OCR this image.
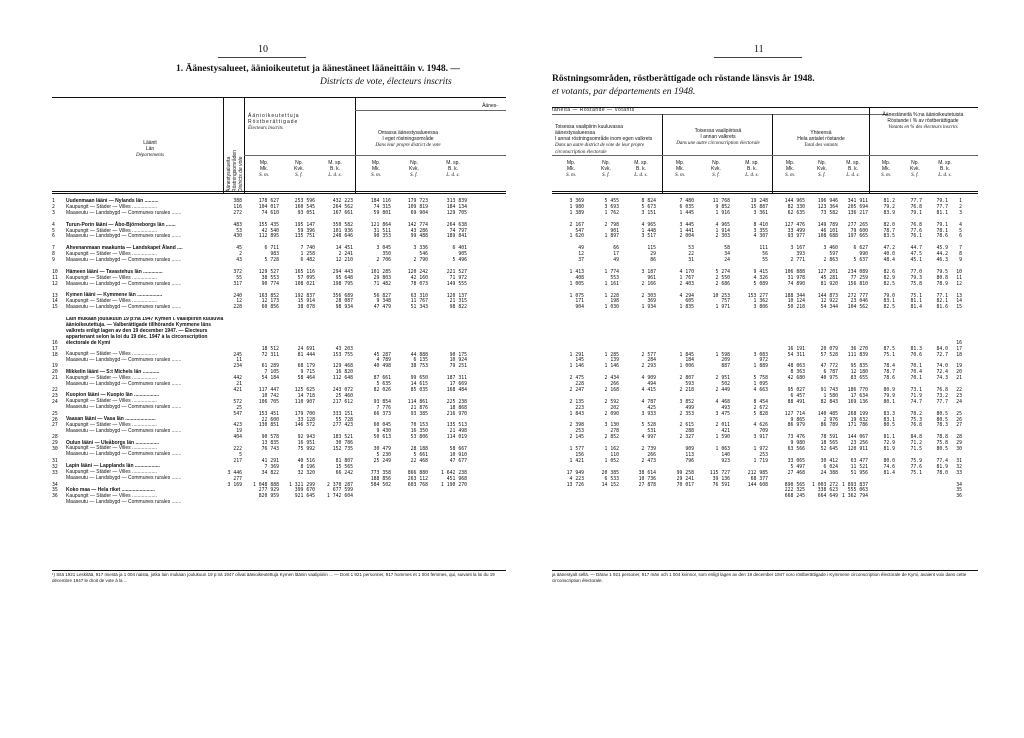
10
1. Äänestysalueet, äänioikeutetut ja äänestäneet lääneittäin v. 1948. —
Districts de vote, électeurs inscrits
Läänit
Län
Départements
Äänestysalueita Röstningsområden Districts de vote
Äänioikeutettuja
Röstberättigade
Électeurs inscrits
Äänes-
Omassa äänestysalueessa
I eget röstningsområde
Dans leur propre district de vote
Mp.
Mk.
S. m.
Np.
Kvk.
S. f.
M. sp.
B. k.
L. d. s.
Mp.
Mk.
S. m.
Np.
Kvk.
S. f.
M. sp.
B. k.
L. d. s.
1
2
3

4
5
6

7
8
9

10
11
12

13
14
15

16
17
18

19
20
21

22
23
24

25
26
27

28
29
30

31
32
33

34
35
36
Uudenmaan lääni — Nylands län ..........
Kaupungit — Städer — Villes ..................
Maaseutu — Landsbygd — Communes rurales .......
Turun-Porin lääni — Åbo-Björneborgs län .......
Kaupungit — Städer — Villes ..................
Maaseutu — Landsbygd — Communes rurales .......
Ahvenanmaan maakunta — Landskapet Åland ....
Kaupungit — Städer — Villes ..................
Maaseutu — Landsbygd — Communes rurales .......
Hämeen lääni — Tavastehus län ..............
Kaupungit — Städer — Villes ..................
Maaseutu — Landsbygd — Communes rurales .......
Kymen lääni — Kymmene län ..................
Kaupungit — Städer — Villes ..................
Maaseutu — Landsbygd — Communes rurales .......
Lain mukaan joulukuun 19 p:nä 1947 Kymen l. vaalipiiriin kuuluvia äänioikeutettuja. — Valberättigade tillhörande Kymmene läns valkrets enligt lagen av den 19 december 1947. — Électeurs appartenant selon la loi du 19 déc. 1947 à la circonscription électorale de Kymi
Kaupungit — Städer — Villes ..................
Maaseutu — Landsbygd — Communes rurales .......
Mikkelin lääni — S:t Michels län ............
Kaupungit — Städer — Villes ..................
Maaseutu — Landsbygd — Communes rurales .......
Kuopion lääni — Kuopio län ..................
Kaupungit — Städer — Villes ..................
Maaseutu — Landsbygd — Communes rurales .......
Vaasan lääni — Vasa län ......................
Kaupungit — Städer — Villes ..................
Maaseutu — Landsbygd — Communes rurales .......
Oulun lääni — Uleåborgs län .................
Kaupungit — Städer — Villes ..................
Maaseutu — Landsbygd — Communes rurales .......
Lapin lääni — Lapplands län ..................
Kaupungit — Städer — Villes ..................
Maaseutu — Landsbygd — Communes rurales .......
Koko maa — Hela riket ........................
Kaupungit — Städer — Villes ..................
Maaseutu — Landsbygd — Communes rurales .......
388
116
272

483
53
430

45
2
43

372
55
317

240
12
228

245
11
234

442
21
421

572
25
547

423
19
404

222
5
217

3 446
277
3 169
178 627
104 017
74 610

155 435
42 540
112 895

6 711
983
5 728

129 527
38 553
90 774

163 852
12 173
60 856

18 512
72 311

61 289
7 105
54 184

117 447
10 742
106 705

153 451
22 600
130 851

90 578
13 835
76 743

41 291
7 369
34 822

1 048 888
277 929
820 959
253 596
160 545
93 051

195 147
59 396
135 751

7 740
1 258
6 482

165 116
57 095
108 021

192 837
15 914
38 078

24 691
81 444

68 179
9 715
58 464

125 625
14 718
110 907

179 700
33 128
146 572

92 943
16 951
75 992

40 516
8 196
32 320

1 321 299
399 670
921 645
432 223
264 562
167 661

350 582
101 936
248 646

14 451
2 241
12 210

294 443
95 648
198 795

356 689
28 087
98 934

43 203
153 755

129 468
16 820
112 648

243 072
25 460
217 612

333 151
55 728
277 423

183 521
30 786
152 735

81 807
15 565
66 242

2 370 287
677 599
1 742 604
184 116
74 315
59 801

121 864
31 511
90 353

3 045
350
2 706

101 285
29 803
71 482

56 827
9 348
47 479

45 287
4 789
40 498

87 661
5 635
82 026

93 854
7 776
66 373

60 045
9 430
50 613

30 479
5 230
25 249

773 358
188 856
584 502
179 723
109 819
69 904

142 774
43 286
99 488

3 336
546
2 790

120 242
42 160
78 073

63 310
11 767
51 343

44 888
6 135
38 753

99 650
14 615
85 035

114 861
21 876
93 385

70 153
16 350
53 806

28 188
5 661
22 468

866 880
263 112
603 768
313 839
184 134
129 705

264 638
74 797
189 841

6 401
905
5 496

221 527
71 972
149 555

120 137
21 315
98 822

90 175
10 924
79 251

187 311
17 669
168 484

225 238
18 868
216 970

135 513
21 498
114 019

58 667
10 910
47 677

1 642 238
451 968
1 190 270
¹) Sitä 1921 Leskitää, 917 miestä ja 1 004 naista, jotka lain mukaan joulukuun 19 p:nä 1947 olivat äänioikeutettuja Kymen läänin vaalipiiriin ... — Dont 1 921 personner, 917 hommes et 1 004 femmes, qui, suivant la loi du 19 décembre 1947 le droit de vote à la ...
11
Röstningsområden, röstberättigade och röstande länsvis år 1948.
et votants, par départements en 1948.
täneitä — Röstande — Votants
Toisessa vaalipiirin kuuluvassa äänestysalueessa
I annat röstningsområde inom egen valkrets
Dans un autre district de vote de leur propre circonscription électorale
Toisessa vaalipiirissä
I annan valkrets
Dans une autre circonscription électorale
Yhteensä
Hela antalet röstande
Total des votants
Äänestäneitä %:na äänioikeutetuista
Röstande i % av röstberättigade
Votants en % des électeurs inscrits
Mp.
Mk.
S. m.
Np.
Kvk.
S. f.
M. sp.
B. k.
L. d. s.
Mp.
Mk.
S. m.
Np.
Kvk.
S. f.
M. sp.
B. k.
L. d. s.
Mp.
Mk.
S. m.
Np.
Kvk.
S. f.
M. sp.
B. k.
L. d. s.
Mp.
Mk.
S. m.
Np.
Kvk.
S. f.
M. sp.
B. k.
L. d. s.
3 369
1 980
1 389

2 167
547
1 620

49
12
37

1 413
408
1 005

1 075
171
904

1 291
145
1 146

2 475
228
2 247

2 135
223
1 843

2 398
253
2 145

1 577
156
1 421

17 949
4 223
13 726
5 455
3 693
1 762

2 798
901
1 897

66
17
49

1 774
553
1 161

1 228
198
1 030

1 285
139
1 146

2 434
266
2 168

2 592
202
2 090

3 130
278
2 852

1 162
110
1 052

20 385
6 533
14 152
8 824
5 673
3 151

4 965
1 448
3 517

115
29
86

3 187
961
2 166

2 303
369
1 934

2 577
284
2 293

4 909
494
4 415

4 787
425
3 933

5 528
531
4 997

2 739
266
2 473

38 614
10 736
27 878
7 480
6 035
1 445

3 445
1 441
2 004

53
22
31

4 170
1 767
2 403

4 294
605
1 835

1 845
184
1 006

2 807
593
2 218

3 852
499
2 353

2 615
288
2 327

909
113
796

99 258
29 241
70 017
11 768
9 852
1 916

4 965
1 914
2 303

58
34
24

5 274
2 550
2 686

10 253
757
1 971

1 598
209
887

2 951
502
2 449

4 468
493
3 475

2 011
421
1 590

1 063
140
923

115 727
39 136
76 591
19 248
15 887
3 361

8 410
3 355
4 307

111
56
55

9 415
4 326
5 089

153 277
1 362
3 806

3 083
972
1 889

5 758
1 095
4 663

8 454
2 672
5 828

4 626
709
3 917

1 972
253
1 719

212 985
68 377
144 608
144 965
82 330
62 635

127 476
33 499
93 977

3 167
393
2 771

106 888
31 978
74 890

188 344
10 124
50 218

16 191
54 311

48 063
8 363
42 680

95 027
6 457
88 491

127 714
9 865
86 979

73 476
9 980
63 566

33 065
5 497
27 468

890 565
222 325
668 245
196 946
123 364
73 582

149 789
46 101
108 688

3 460
597
2 863

127 201
45 281
81 920

144 873
12 922
54 344

20 079
57 528

47 772
6 787
40 975

91 743
1 580
82 843

140 485
2 976
86 789

78 591
18 565
52 645

30 412
6 024
24 388

1 003 272
338 623
664 649
341 911
205 694
136 217

277 265
79 600
197 665

6 627
990
5 637

234 089
77 259
156 810

272 777
23 046
104 562

36 270
111 839

95 835
12 180
83 655

186 770
17 634
169 136

268 199
19 632
171 786

144 067
23 256
120 911

63 477
11 521
51 956

1 893 837
555 063
1 362 794
81.2
79.2
83.9

82.0
78.7
83.5

47.2
40.0
48.4

82.6
82.9
82.5

79.0
83.1
82.5

87.5
75.1

78.4
78.7
78.6

80.9
79.9
80.1

83.3
83.1
80.5

81.1
72.9
81.9

80.0
74.6
81.4
77.7
76.8
79.1

76.8
77.6
76.1

44.7
47.5
45.1

77.0
79.3
75.8

75.1
81.1
81.4

81.3
70.6

70.1
70.4
70.1

73.1
71.9
74.7

78.2
75.3
76.8

84.8
71.2
71.5

75.9
77.6
75.1
79.1
77.7
81.1

79.1
78.1
78.6

45.9
44.2
46.3

79.5
80.8
78.9

77.1
82.1
81.6

84.0
72.7

74.0
72.4
74.3

76.8
73.2
77.7

80.5
80.5
78.3

78.8
75.8
80.5

77.4
81.9
78.0
1
2
3

4
5
6

7
8
9

10
11
12

13
14
15

16
17
18

19
20
21

22
23
24

25
26
27

28
29
30

31
32
33

34
35
36
ja äänestyalt sellä. — Därav 1 921 personer, 917 män och 1 004 kvinnor, som enligt lagen av den 19 december 1947 voro röstberättigade i Kymmene circonscription électorale de Kymi, avaient voix dans cette circonscription électorale.
